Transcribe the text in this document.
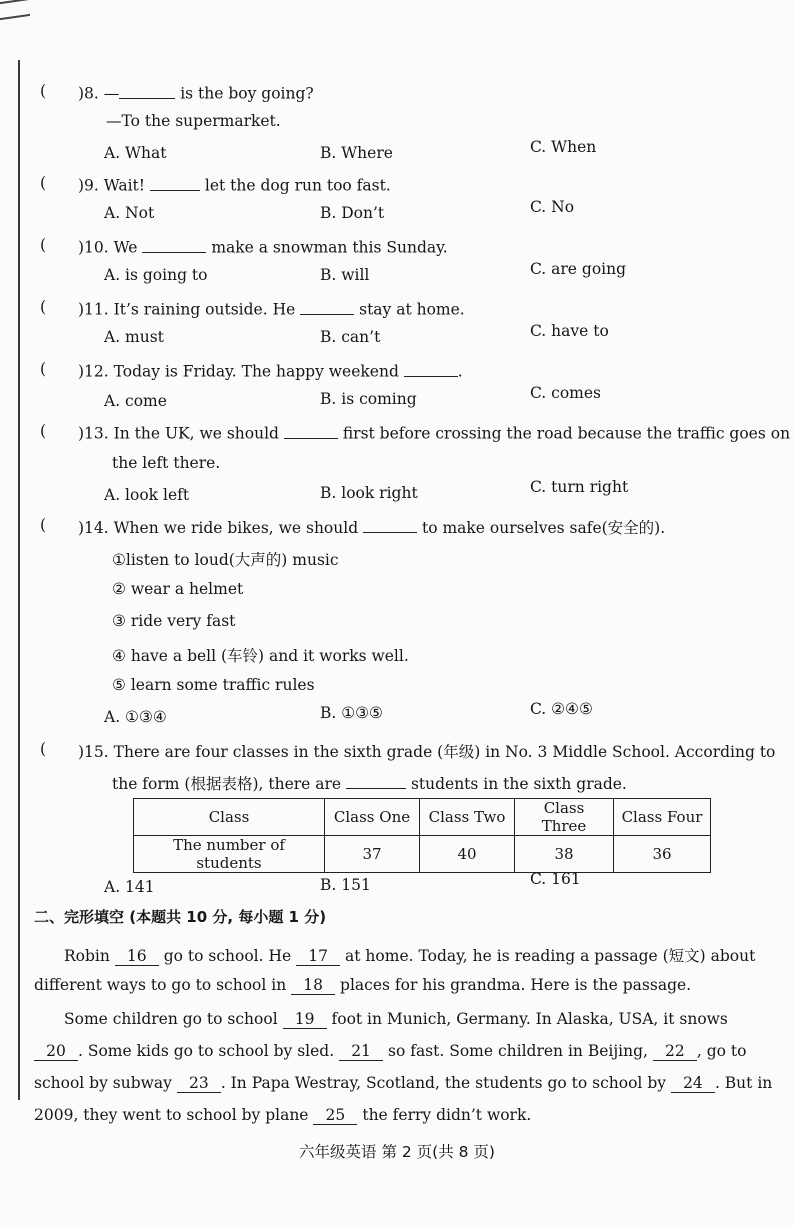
( )8. —	is the boy going?
—To the supermarket.
A. What	B. Where	C. When
( )9. Wait!	let the dog run too fast.
A. Not	B. Don’t	C. No
( )10. We	make a snowman this Sunday.
A. is going to	B. will	C. are going
( )11. It’s raining outside. He	stay at home.
A. must	B. can’t	C. have to
( )12. Today is Friday. The happy weekend	.
A. come	B. is coming	C. comes
( )13. In the UK, we should	first before crossing the road because the traffic goes on
the left there.
A. look left	B. look right	C. turn right
( )14. When we ride bikes, we should	to make ourselves safe(安全的).
①listen to loud(大声的) music
② wear a helmet
③ ride very fast
④ have a bell (车铃) and it works well.
⑤ learn some traffic rules
A. ①③④	B. ①③⑤	C. ②④⑤
( )15. There are four classes in the sixth grade (年级) in No. 3 Middle School. According to
the form (根据表格), there are	students in the sixth grade.
A. 141	B. 151	C. 161
Class	Class One	Class Two	Class Three	Class Four
The number of students	37	40	38	36
二、完形填空 (本题共 10 分, 每小题 1 分)
Robin 16 go to school. He 17 at home. Today, he is reading a passage (短文) about
different ways to go to school in 18 places for his grandma. Here is the passage.
Some children go to school 19 foot in Munich, Germany. In Alaska, USA, it snows
20 . Some kids go to school by sled. 21 so fast. Some children in Beijing, 22 , go to
school by subway 23 . In Papa Westray, Scotland, the students go to school by 24 . But in
2009, they went to school by plane 25 the ferry didn’t work.
六年级英语 第 2 页(共 8 页)
